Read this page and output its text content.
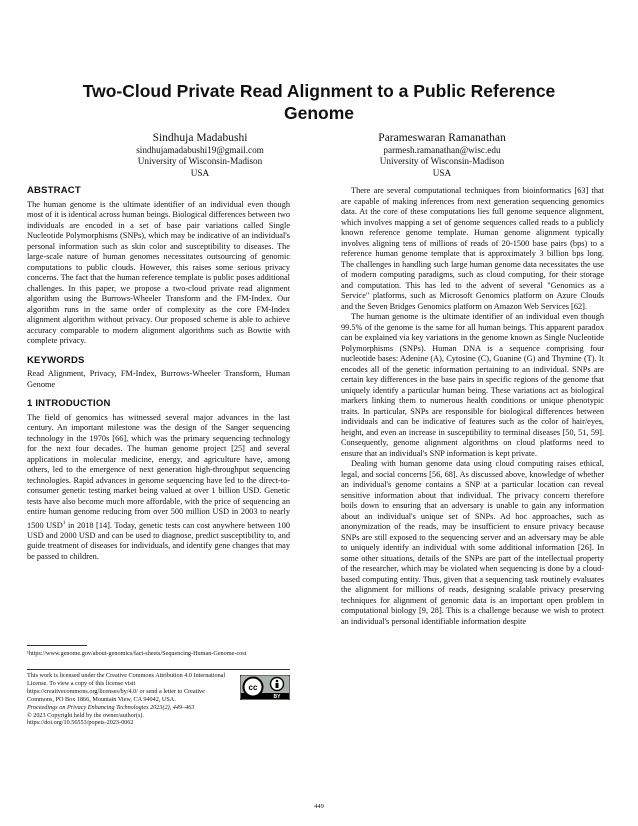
Two-Cloud Private Read Alignment to a Public Reference Genome
Sindhuja Madabushi
sindhujamadabushi19@gmail.com
University of Wisconsin-Madison
USA
Parameswaran Ramanathan
parmesh.ramanathan@wisc.edu
University of Wisconsin-Madison
USA
ABSTRACT

The human genome is the ultimate identifier of an individual even though most of it is identical across human beings. Biological differences between two individuals are encoded in a set of base pair variations called Single Nucleotide Polymorphisms (SNPs), which may be indicative of an individual's personal information such as skin color and susceptibility to diseases. The large-scale nature of human genomes necessitates outsourcing of genomic computations to public clouds. However, this raises some serious privacy concerns. The fact that the human reference template is public poses additional challenges. In this paper, we propose a two-cloud private read alignment algorithm using the Burrows-Wheeler Transform and the FM-Index. Our algorithm runs in the same order of complexity as the core FM-Index alignment algorithm without privacy. Our proposed scheme is able to achieve accuracy comparable to modern alignment algorithms such as Bowtie with complete privacy.

KEYWORDS

Read Alignment, Privacy, FM-Index, Burrows-Wheeler Transform, Human Genome

1 INTRODUCTION

The field of genomics has witnessed several major advances in the last century. An important milestone was the design of the Sanger sequencing technology in the 1970s [66], which was the primary sequencing technology for the next four decades. The human genome project [25] and several applications in molecular medicine, energy, and agriculture have, among others, led to the emergence of next generation high-throughput sequencing technologies. Rapid advances in genome sequencing have led to the direct-to-consumer genetic testing market being valued at over 1 billion USD. Genetic tests have also become much more affordable, with the price of sequencing an entire human genome reducing from over 500 million USD in 2003 to nearly 1500 USD$^1$ in 2018 [14]. Today, genetic tests can cost anywhere between 100 USD and 2000 USD and can be used to diagnose, predict susceptibility to, and guide treatment of diseases for individuals, and identify gene changes that may be passed to children.

¹https://www.genome.gov/about-genomics/fact-sheets/Sequencing-Human-Genome-cost
This work is licensed under the Creative Commons Attribution 4.0 International License. To view a copy of this license visit https://creativecommons.org/licenses/by/4.0/ or send a letter to Creative Commons, PO Box 1866, Mountain View, CA 94042, USA.
Proceedings on Privacy Enhancing Technologies 2023(2), 449–463
© 2023 Copyright held by the owner/author(s).
https://doi.org/10.56553/popets-2023-0062
cc
BY

There are several computational techniques from bioinformatics [63] that are capable of making inferences from next generation sequencing genomics data. At the core of these computations lies full genome sequence alignment, which involves mapping a set of genome sequences called reads to a publicly known reference genome template. Human genome alignment typically involves aligning tens of millions of reads of 20-1500 base pairs (bps) to a reference human genome template that is approximately 3 billion bps long. The challenges in handling such large human genome data necessitates the use of modern computing paradigms, such as cloud computing, for their storage and computation. This has led to the advent of several "Genomics as a Service" platforms, such as Microsoft Genomics platform on Azure Clouds and the Seven Bridges Genomics platform on Amazon Web Services [62].

The human genome is the ultimate identifier of an individual even though 99.5% of the genome is the same for all human beings. This apparent paradox can be explained via key variations in the genome known as Single Nucleotide Polymorphisms (SNPs). Human DNA is a sequence comprising four nucleotide bases: Adenine (A), Cytosine (C), Guanine (G) and Thymine (T). It encodes all of the genetic information pertaining to an individual. SNPs are certain key differences in the base pairs in specific regions of the genome that uniquely identify a particular human being. These variations act as biological markers linking them to numerous health conditions or unique phenotypic traits. In particular, SNPs are responsible for biological differences between individuals and can be indicative of features such as the color of hair/eyes, height, and even an increase in susceptibility to terminal diseases [50, 51, 59]. Consequently, genome alignment algorithms on cloud platforms need to ensure that an individual's SNP information is kept private.

Dealing with human genome data using cloud computing raises ethical, legal, and social concerns [56, 68]. As discussed above, knowledge of whether an individual's genome contains a SNP at a particular location can reveal sensitive information about that individual. The privacy concern therefore boils down to ensuring that an adversary is unable to gain any information about an individual's unique set of SNPs. Ad hoc approaches, such as anonymization of the reads, may be insufficient to ensure privacy because SNPs are still exposed to the sequencing server and an adversary may be able to uniquely identify an individual with some additional information [26]. In some other situations, details of the SNPs are part of the intellectual property of the researcher, which may be violated when sequencing is done by a cloud-based computing entity. Thus, given that a sequencing task routinely evaluates the alignment for millions of reads, designing scalable privacy preserving techniques for alignment of genomic data is an important open problem in computational biology [9, 28]. This is a challenge because we wish to protect an individual's personal identifiable information despite

449
